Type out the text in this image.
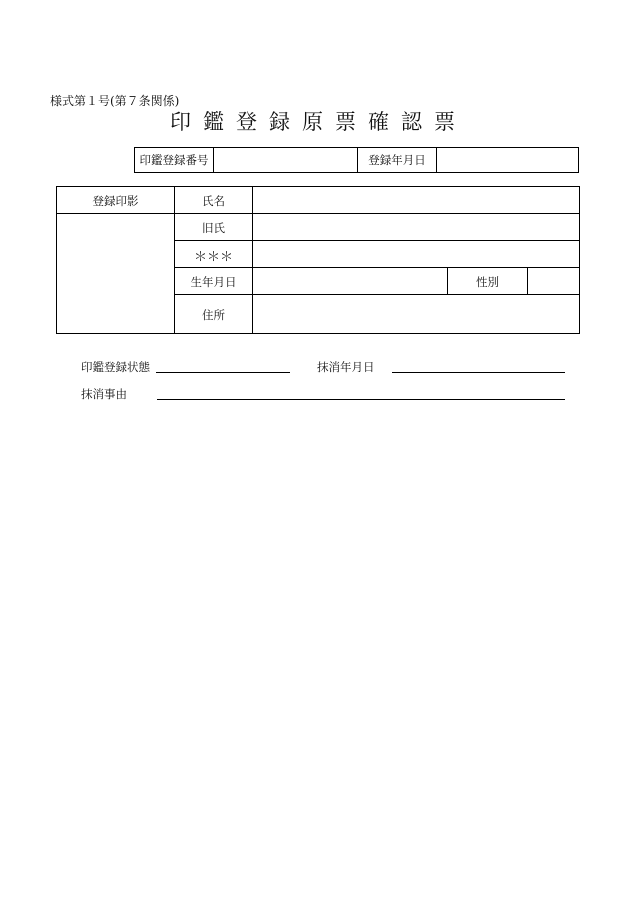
様式第１号(第７条関係)
印 鑑 登 録 原 票 確 認 票
印鑑登録番号	登録年月日
登録印影	氏名
旧氏
＊＊＊
生年月日	性別
住所
印鑑登録状態	抹消年月日
抹消事由
